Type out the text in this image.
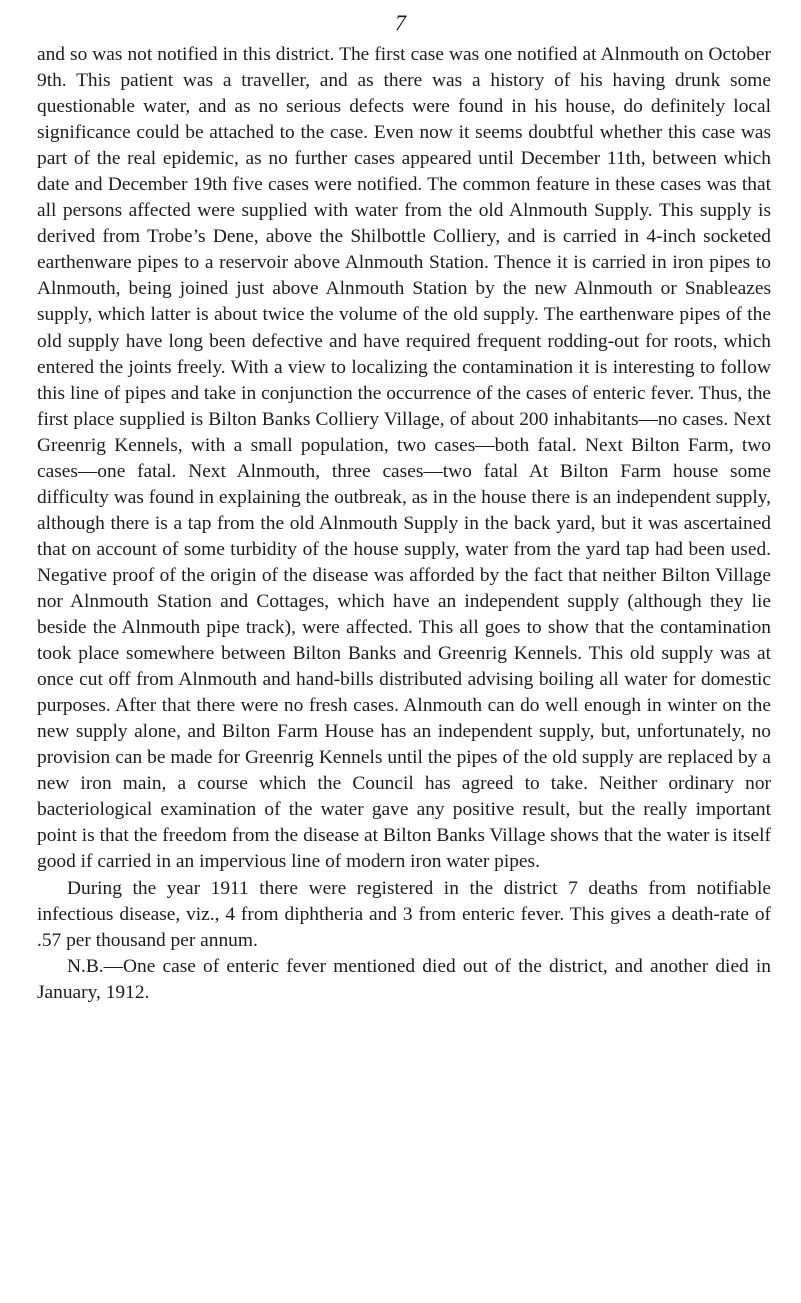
7

and so was not notified in this district. The first case was one notified at Alnmouth on October 9th. This patient was a traveller, and as there was a history of his having drunk some questionable water, and as no serious defects were found in his house, do definitely local significance could be attached to the case. Even now it seems doubtful whether this case was part of the real epidemic, as no further cases appeared until December 11th, between which date and December 19th five cases were notified. The common feature in these cases was that all persons affected were supplied with water from the old Alnmouth Supply. This supply is derived from Trobe’s Dene, above the Shilbottle Colliery, and is carried in 4-inch socketed earthenware pipes to a reservoir above Alnmouth Station. Thence it is carried in iron pipes to Alnmouth, being joined just above Alnmouth Station by the new Alnmouth or Snableazes supply, which latter is about twice the volume of the old supply. The earthenware pipes of the old supply have long been defective and have required frequent rodding-out for roots, which entered the joints freely. With a view to localizing the contamination it is interesting to follow this line of pipes and take in conjunction the occurrence of the cases of enteric fever. Thus, the first place supplied is Bilton Banks Colliery Village, of about 200 inhabitants—no cases. Next Greenrig Kennels, with a small population, two cases—both fatal. Next Bilton Farm, two cases—one fatal. Next Alnmouth, three cases—two fatal At Bilton Farm house some difficulty was found in explaining the outbreak, as in the house there is an independent supply, although there is a tap from the old Alnmouth Supply in the back yard, but it was ascertained that on account of some turbidity of the house supply, water from the yard tap had been used. Negative proof of the origin of the disease was afforded by the fact that neither Bilton Village nor Alnmouth Station and Cottages, which have an independent supply (although they lie beside the Alnmouth pipe track), were affected. This all goes to show that the contamination took place somewhere between Bilton Banks and Greenrig Kennels. This old supply was at once cut off from Alnmouth and hand-bills distributed advising boiling all water for domestic purposes. After that there were no fresh cases. Alnmouth can do well enough in winter on the new supply alone, and Bilton Farm House has an independent supply, but, unfortunately, no provision can be made for Greenrig Kennels until the pipes of the old supply are replaced by a new iron main, a course which the Council has agreed to take. Neither ordinary nor bacteriological examination of the water gave any positive result, but the really important point is that the freedom from the disease at Bilton Banks Village shows that the water is itself good if carried in an impervious line of modern iron water pipes.

During the year 1911 there were registered in the district 7 deaths from notifiable infectious disease, viz., 4 from diphtheria and 3 from enteric fever. This gives a death-rate of .57 per thousand per annum.

N.B.—One case of enteric fever mentioned died out of the district, and another died in January, 1912.
